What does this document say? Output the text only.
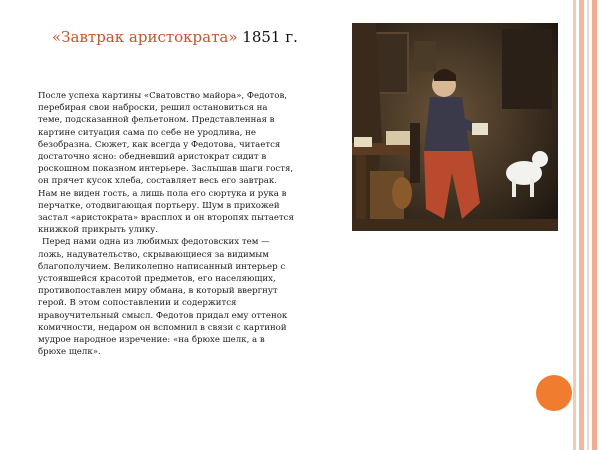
«Завтрак аристократа» 1851 г.

После успеха картины «Сватовство майора», Федотов, перебирая свои наброски, решил остановиться на теме, подсказанной фельетоном. Представленная в картине ситуация сама по себе не уродлива, не безобразна. Сюжет, как всегда у Федотова, читается достаточно ясно: обедневший аристократ сидит в роскошном показном интерьере. Заслышав шаги гостя, он прячет кусок хлеба, составляет весь его завтрак. Нам не виден гость, а лишь пола его сюртука и рука в перчатке, отодвигающая портьеру. Шум в прихожей застал «аристократа» врасплох и он второпях пытается книжкой прикрыть улику.

Перед нами одна из любимых федотовских тем — ложь, надувательство, скрывающиеся за видимым благополучием. Великолепно написанный интерьер с устоявшейся красотой предметов, его населяющих, противопоставлен миру обмана, в который ввергнут герой. В этом сопоставлении и содержится нравоучительный смысл. Федотов придал ему оттенок комичности, недаром он вспомнил в связи с картиной мудрое народное изречение: «на брюхе шелк, а в брюхе щелк».
